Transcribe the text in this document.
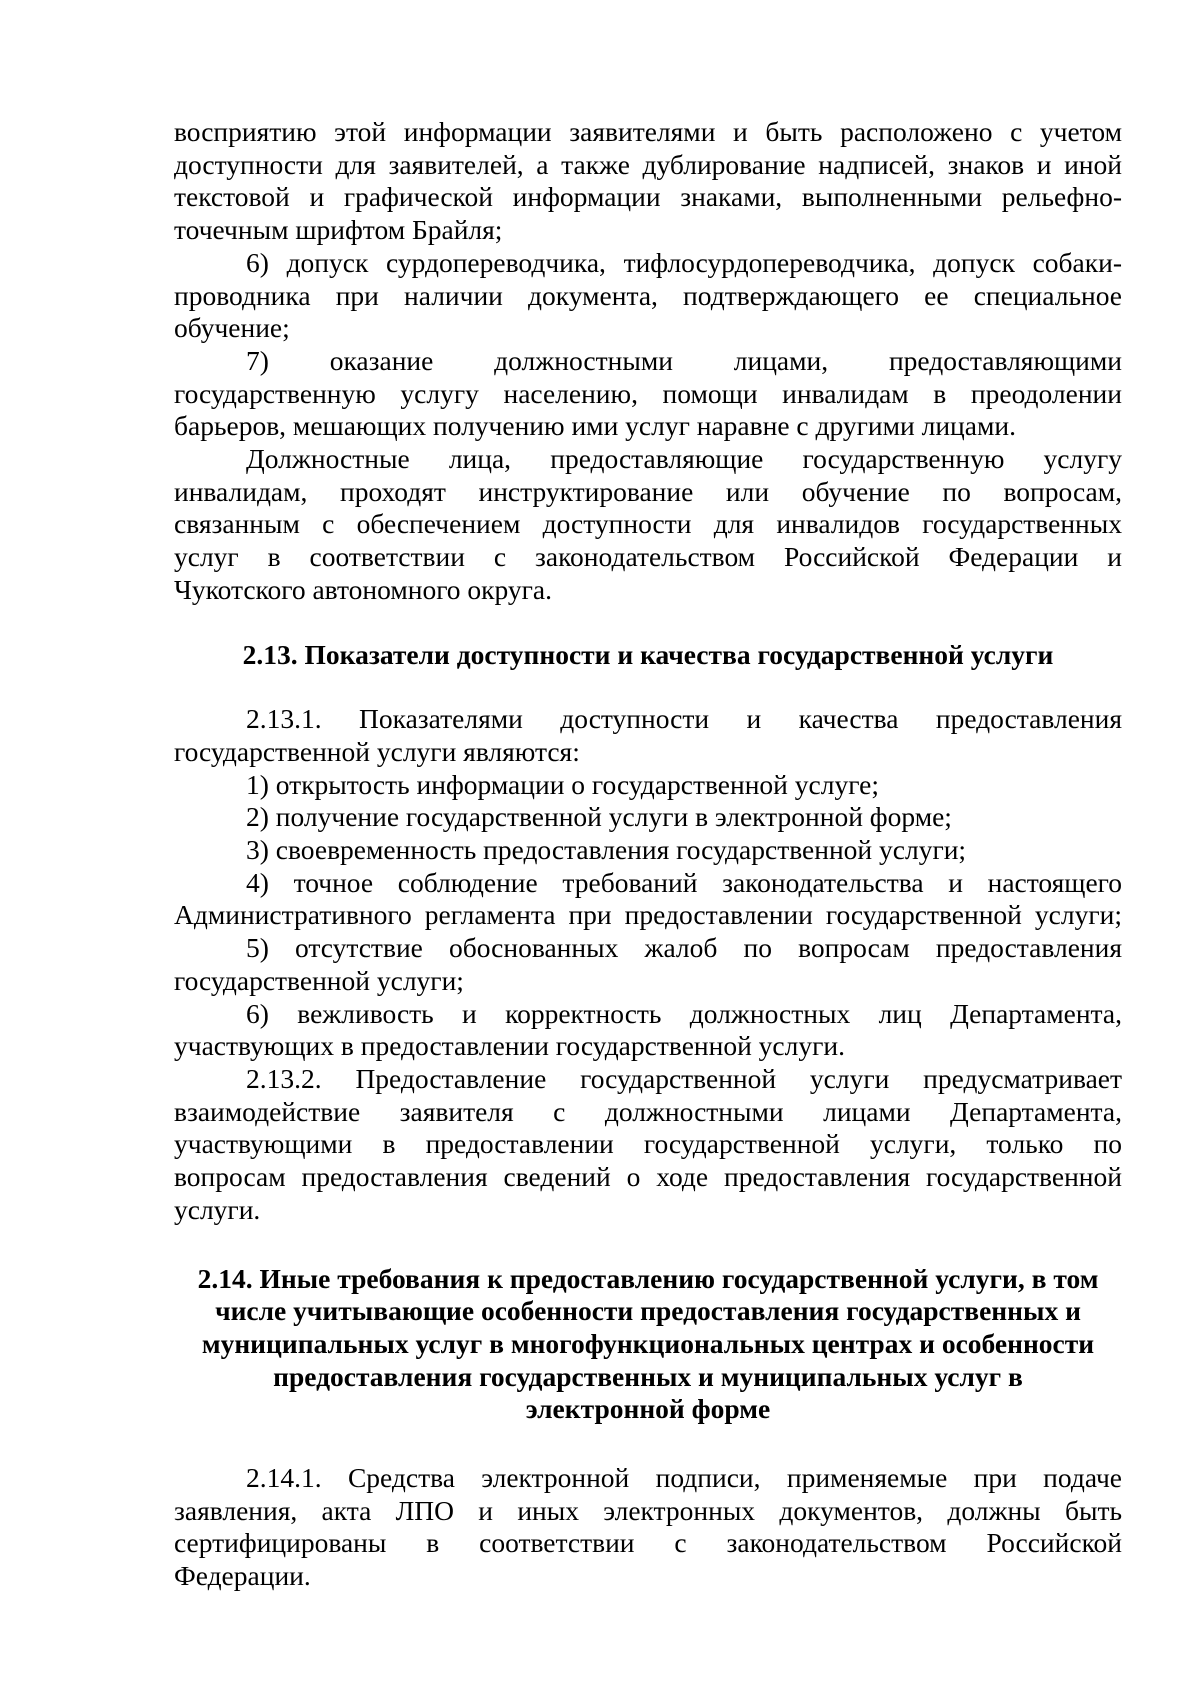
восприятию этой информации заявителями и быть расположено с учетом
доступности для заявителей, а также дублирование надписей, знаков и иной
текстовой и графической информации знаками, выполненными рельефно-
точечным шрифтом Брайля;
6) допуск сурдопереводчика, тифлосурдопереводчика, допуск собаки-
проводника при наличии документа, подтверждающего ее специальное
обучение;
7) оказание должностными лицами, предоставляющими
государственную услугу населению, помощи инвалидам в преодолении
барьеров, мешающих получению ими услуг наравне с другими лицами.
Должностные лица, предоставляющие государственную услугу
инвалидам, проходят инструктирование или обучение по вопросам,
связанным с обеспечением доступности для инвалидов государственных
услуг в соответствии с законодательством Российской Федерации и
Чукотского автономного округа.
2.13. Показатели доступности и качества государственной услуги
2.13.1. Показателями доступности и качества предоставления
государственной услуги являются:
1) открытость информации о государственной услуге;
2) получение государственной услуги в электронной форме;
3) своевременность предоставления государственной услуги;
4) точное соблюдение требований законодательства и настоящего
Административного регламента при предоставлении государственной услуги;
5) отсутствие обоснованных жалоб по вопросам предоставления
государственной услуги;
6) вежливость и корректность должностных лиц Департамента,
участвующих в предоставлении государственной услуги.
2.13.2. Предоставление государственной услуги предусматривает
взаимодействие заявителя с должностными лицами Департамента,
участвующими в предоставлении государственной услуги, только по
вопросам предоставления сведений о ходе предоставления государственной
услуги.
2.14. Иные требования к предоставлению государственной услуги, в том
числе учитывающие особенности предоставления государственных и
муниципальных услуг в многофункциональных центрах и особенности
предоставления государственных и муниципальных услуг в
электронной форме
2.14.1. Средства электронной подписи, применяемые при подаче
заявления, акта ЛПО и иных электронных документов, должны быть
сертифицированы в соответствии с законодательством Российской
Федерации.
